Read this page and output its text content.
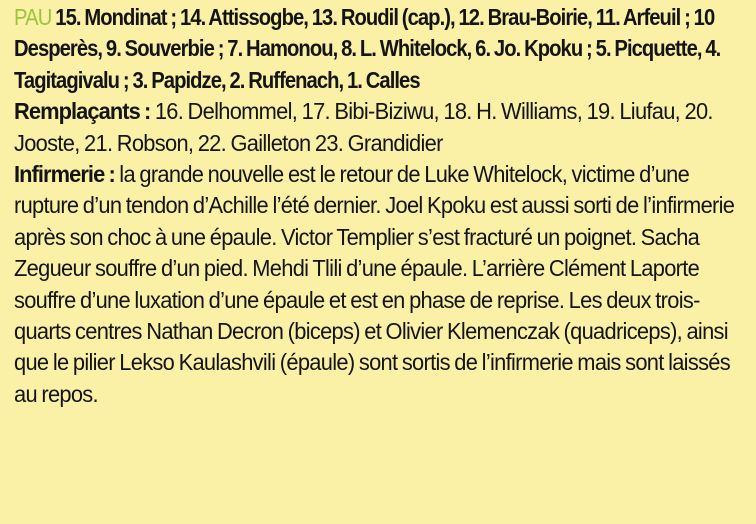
PAU 15. Mondinat ; 14. Attissogbe, 13. Roudil (cap.), 12. Brau-Boirie, 11. Arfeuil ; 10 Desperès, 9. Souverbie ; 7. Hamonou, 8. L. Whitelock, 6. Jo. Kpoku ; 5. Picquette, 4. Tagitagivalu ; 3. Papidze, 2. Ruffenach, 1. Calles

Remplaçants : 16. Delhommel, 17. Bibi-Biziwu, 18. H. Williams, 19. Liufau, 20. Jooste, 21. Robson, 22. Gailleton 23. Grandidier

Infirmerie : la grande nouvelle est le retour de Luke Whitelock, victime d’une rupture d’un tendon d’Achille l’été dernier. Joel Kpoku est aussi sorti de l’infirmerie après son choc à une épaule. Victor Templier s’est fracturé un poignet. Sacha Zegueur souffre d’un pied. Mehdi Tlili d’une épaule. L’arrière Clément Laporte souffre d’une luxation d’une épaule et est en phase de reprise. Les deux trois-quarts centres Nathan Decron (biceps) et Olivier Klemenczak (quadriceps), ainsi que le pilier Lekso Kaulashvili (épaule) sont sortis de l’infirmerie mais sont laissés au repos.
